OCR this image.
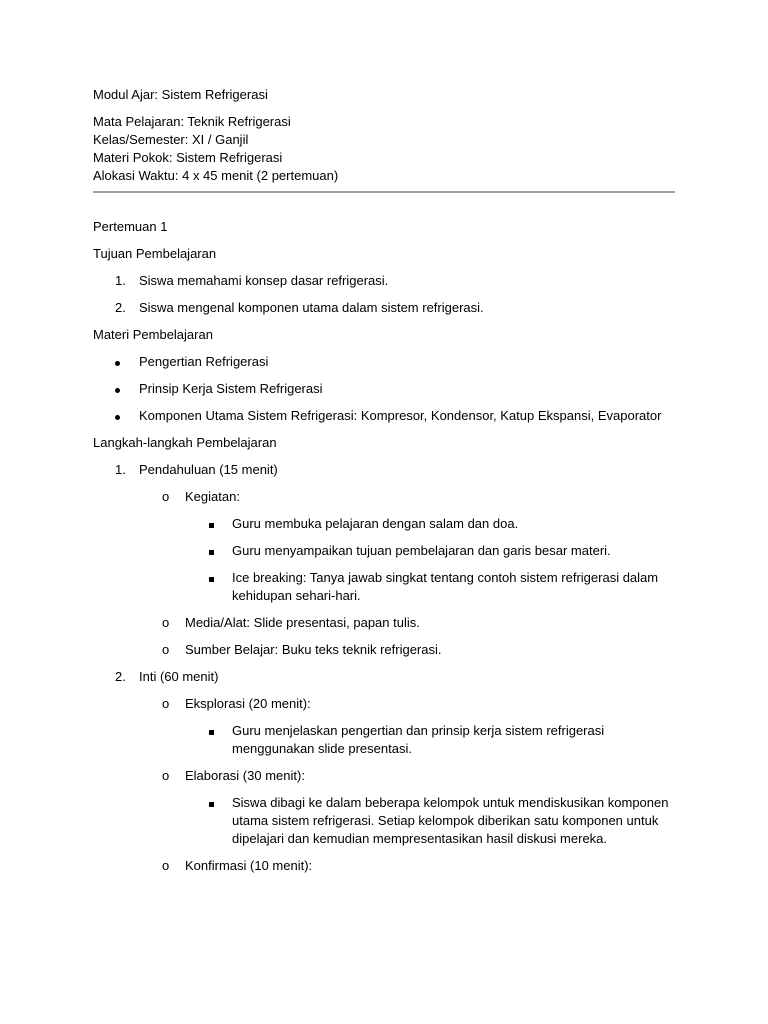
Modul Ajar: Sistem Refrigerasi
Mata Pelajaran: Teknik Refrigerasi
Kelas/Semester: XI / Ganjil
Materi Pokok: Sistem Refrigerasi
Alokasi Waktu: 4 x 45 menit (2 pertemuan)
Pertemuan 1
Tujuan Pembelajaran
1. Siswa memahami konsep dasar refrigerasi.
2. Siswa mengenal komponen utama dalam sistem refrigerasi.
Materi Pembelajaran
Pengertian Refrigerasi
Prinsip Kerja Sistem Refrigerasi
Komponen Utama Sistem Refrigerasi: Kompresor, Kondensor, Katup Ekspansi, Evaporator
Langkah-langkah Pembelajaran
1. Pendahuluan (15 menit)
o Kegiatan:
Guru membuka pelajaran dengan salam dan doa.
Guru menyampaikan tujuan pembelajaran dan garis besar materi.
Ice breaking: Tanya jawab singkat tentang contoh sistem refrigerasi dalam kehidupan sehari-hari.
o Media/Alat: Slide presentasi, papan tulis.
o Sumber Belajar: Buku teks teknik refrigerasi.
2. Inti (60 menit)
o Eksplorasi (20 menit):
Guru menjelaskan pengertian dan prinsip kerja sistem refrigerasi menggunakan slide presentasi.
o Elaborasi (30 menit):
Siswa dibagi ke dalam beberapa kelompok untuk mendiskusikan komponen utama sistem refrigerasi. Setiap kelompok diberikan satu komponen untuk dipelajari dan kemudian mempresentasikan hasil diskusi mereka.
o Konfirmasi (10 menit):
